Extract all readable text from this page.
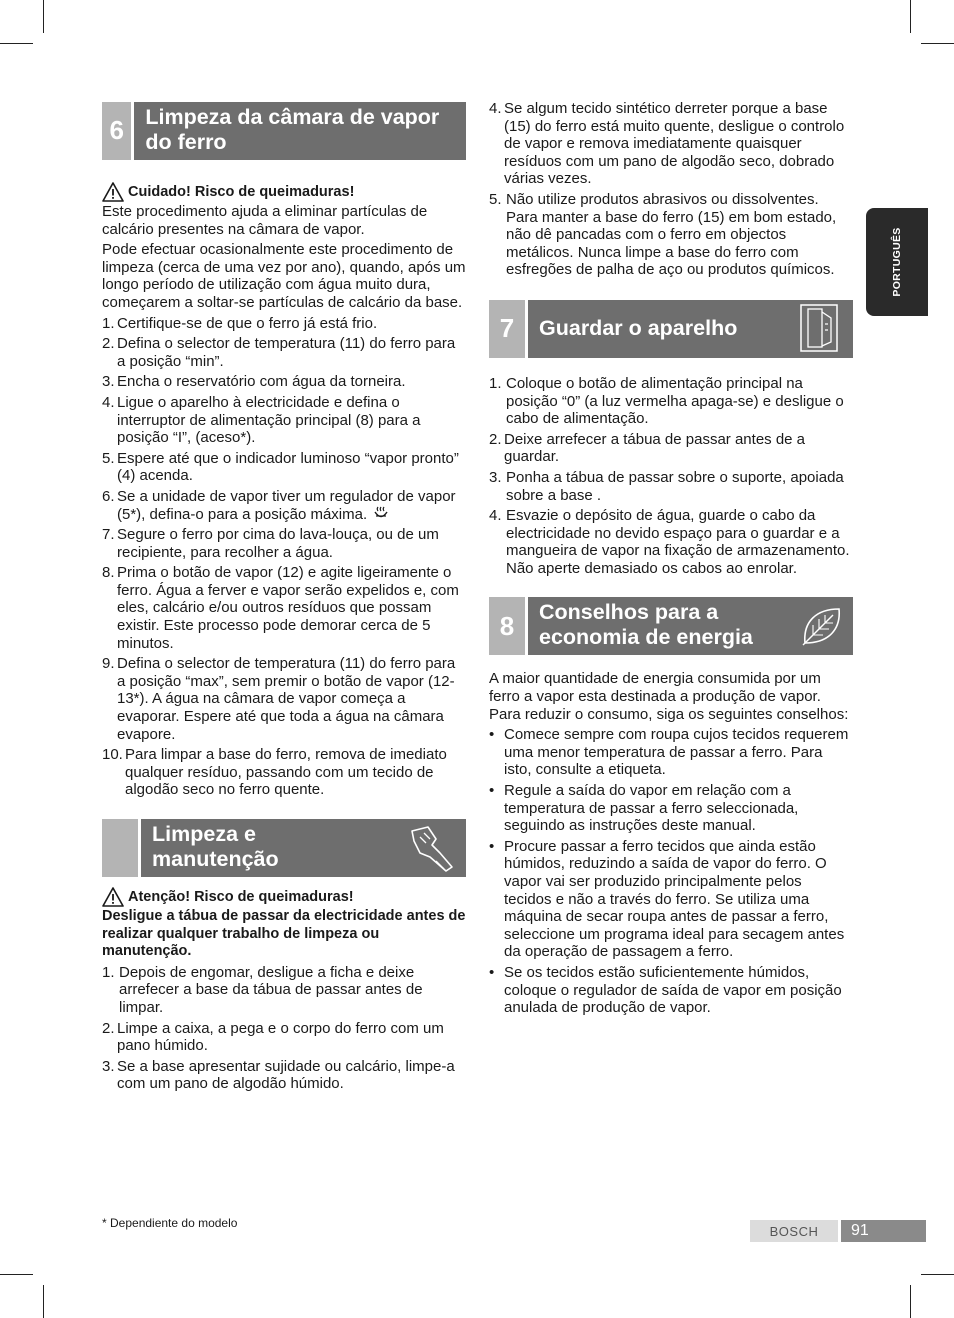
PORTUGUÊS
6 Limpeza da câmara de vapor do ferro
Cuidado! Risco de queimaduras!

Este procedimento ajuda a eliminar partículas de calcário presentes na câmara de vapor.

Pode efectuar ocasionalmente este procedimento de limpeza (cerca de uma vez por ano), quando, após um longo período de utilização com água muito dura, começarem a soltar-se partículas de calcário da base.

1. Certifique-se de que o ferro já está frio.
2. Defina o selector de temperatura (11) do ferro para a posição “min”.
3. Encha o reservatório com água da torneira.
4. Ligue o aparelho à electricidade e defina o interruptor de alimentação principal (8) para a posição “I”, (aceso*).
5. Espere até que o indicador luminoso “vapor pronto” (4) acenda.
6. Se a unidade de vapor tiver um regulador de vapor (5*), defina-o para a posição máxima.
7. Segure o ferro por cima do lava-louça, ou de um recipiente, para recolher a água.
8. Prima o botão de vapor (12) e agite ligeiramente o ferro. Água a ferver e vapor serão expelidos e, com eles, calcário e/ou outros resíduos que possam existir. Este processo pode demorar cerca de 5 minutos.
9. Defina o selector de temperatura (11) do ferro para a posição “max”, sem premir o botão de vapor (12-13*). A água na câmara de vapor começa a evaporar. Espere até que toda a água na câmara evapore.
10. Para limpar a base do ferro, remova de imediato qualquer resíduo, passando com um tecido de algodão seco no ferro quente.
Limpeza e manutenção
Atenção! Risco de queimaduras!

Desligue a tábua de passar da electricidade antes de realizar qualquer trabalho de limpeza ou manutenção.

1. Depois de engomar, desligue a ficha e deixe arrefecer a base da tábua de passar antes de limpar.
2. Limpe a caixa, a pega e o corpo do ferro com um pano húmido.
3. Se a base apresentar sujidade ou calcário, limpe-a com um pano de algodão húmido.
4. Se algum tecido sintético derreter porque a base (15) do ferro está muito quente, desligue o controlo de vapor e remova imediatamente quaisquer resíduos com um pano de algodão seco, dobrado várias vezes.
5. Não utilize produtos abrasivos ou dissolventes. Para manter a base do ferro (15) em bom estado, não dê pancadas com o ferro em objectos metálicos. Nunca limpe a base do ferro com esfregões de palha de aço ou produtos químicos.
7	Guardar o aparelho
1. Coloque o botão de alimentação principal na posição “0” (a luz vermelha apaga-se) e desligue o cabo de alimentação.
2. Deixe arrefecer a tábua de passar antes de a guardar.
3. Ponha a tábua de passar sobre o suporte, apoiada sobre a base .
4. Esvazie o depósito de água, guarde o cabo da electricidade no devido espaço para o guardar e a mangueira de vapor na fixação de armazenamento. Não aperte demasiado os cabos ao enrolar.
8	Conselhos para a economia de energia

A maior quantidade de energia consumida por um ferro a vapor esta destinada a produção de vapor. Para reduzir o consumo, siga os seguintes conselhos:

• Comece sempre com roupa cujos tecidos requerem uma menor temperatura de passar a ferro. Para isto, consulte a etiqueta.
• Regule a saída do vapor em relação com a temperatura de passar a ferro seleccionada, seguindo as instruções deste manual.
• Procure passar a ferro tecidos que ainda estão húmidos, reduzindo a saída de vapor do ferro. O vapor vai ser produzido principalmente pelos tecidos e não a través do ferro. Se utiliza uma máquina de secar roupa antes de passar a ferro, seleccione um programa ideal para secagem antes da operação de passagem a ferro.
• Se os tecidos estão suficientemente húmidos, coloque o regulador de saída de vapor em posição anulada de produção de vapor.
* Dependiente do modelo
BOSCH	91
